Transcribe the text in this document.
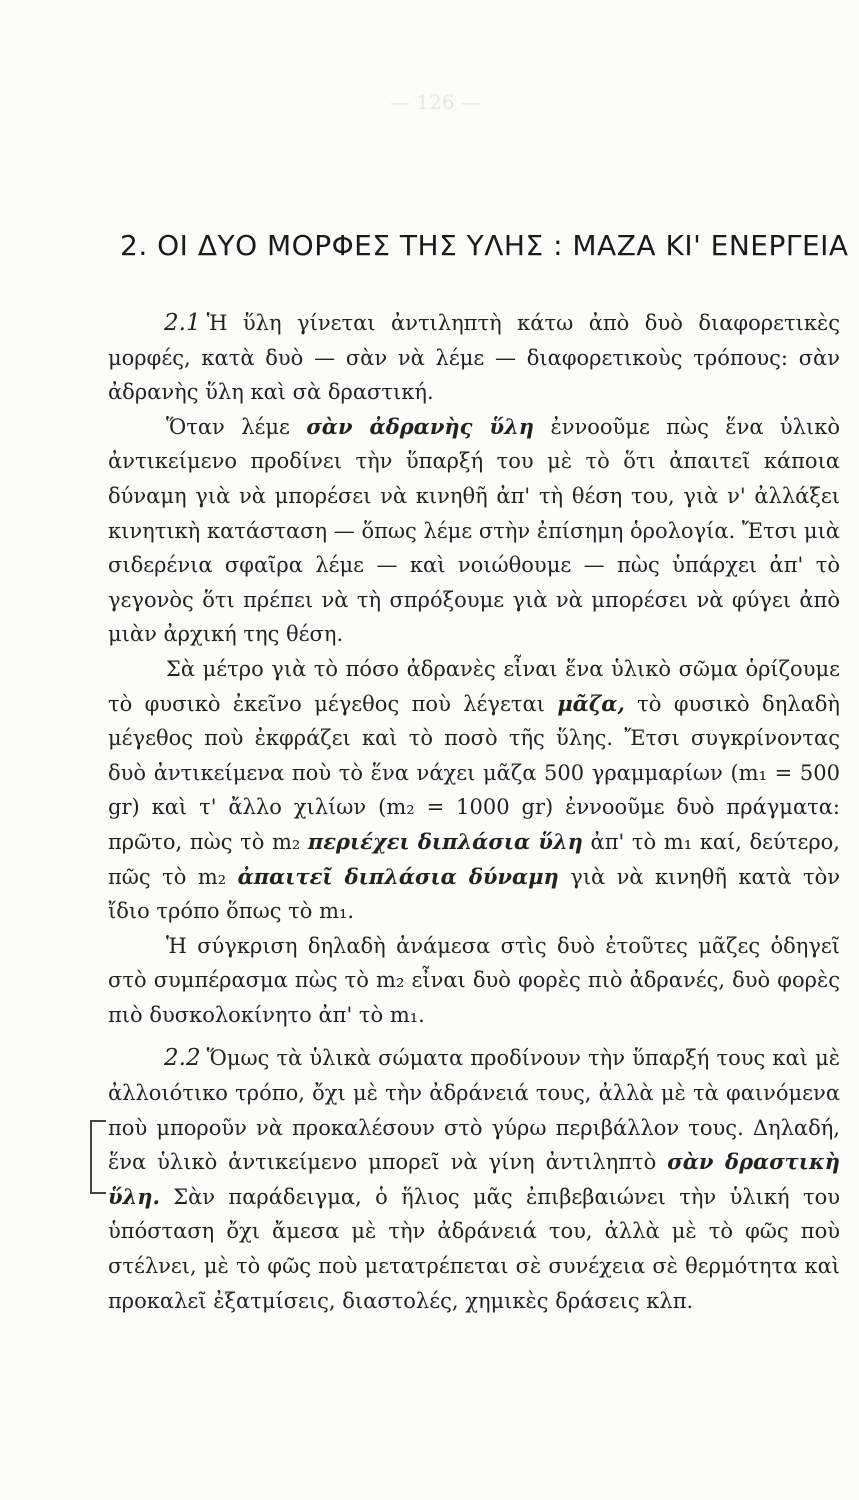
— 126 —
2. ΟΙ ΔΥΟ ΜΟΡΦΕΣ ΤΗΣ ΥΛΗΣ : ΜΑΖΑ ΚΙ' ΕΝΕΡΓΕΙΑ

2.1 Ἡ ὕλη γίνεται ἀντιληπτὴ κάτω ἀπὸ δυὸ διαφορετικὲς μορφές, κατὰ δυὸ — σὰν νὰ λέμε — διαφορετικοὺς τρόπους: σὰν ἀδρανὴς ὕλη καὶ σὰ δραστική.

Ὅταν λέμε σὰν ἀδρανὴς ὕλη ἐννοοῦμε πὼς ἕνα ὑλικὸ ἀντικείμενο προδίνει τὴν ὕπαρξή του μὲ τὸ ὅτι ἀπαιτεῖ κάποια δύναμη γιὰ νὰ μπορέσει νὰ κινηθῆ ἀπ' τὴ θέση του, γιὰ ν' ἀλλάξει κινητικὴ κατάσταση — ὅπως λέμε στὴν ἐπίσημη ὁρολογία. Ἔτσι μιὰ σιδερένια σφαῖρα λέμε — καὶ νοιώθουμε — πὼς ὑπάρχει ἀπ' τὸ γεγονὸς ὅτι πρέπει νὰ τὴ σπρόξουμε γιὰ νὰ μπορέσει νὰ φύγει ἀπὸ μιὰν ἀρχική της θέση.

Σὰ μέτρο γιὰ τὸ πόσο ἀδρανὲς εἶναι ἕνα ὑλικὸ σῶμα ὁρίζουμε τὸ φυσικὸ ἐκεῖνο μέγεθος ποὺ λέγεται μᾶζα, τὸ φυσικὸ δηλαδὴ μέγεθος ποὺ ἐκφράζει καὶ τὸ ποσὸ τῆς ὕλης. Ἔτσι συγκρίνοντας δυὸ ἀντικείμενα ποὺ τὸ ἕνα νάχει μᾶζα 500 γραμμαρίων (m₁ = 500 gr) καὶ τ' ἄλλο χιλίων (m₂ = 1000 gr) ἐννοοῦμε δυὸ πράγματα: πρῶτο, πὼς τὸ m₂ περιέχει διπλάσια ὕλη ἀπ' τὸ m₁ καί, δεύτερο, πῶς τὸ m₂ ἀπαιτεῖ διπλάσια δύναμη γιὰ νὰ κινηθῆ κατὰ τὸν ἴδιο τρόπο ὅπως τὸ m₁.

Ἡ σύγκριση δηλαδὴ ἀνάμεσα στὶς δυὸ ἐτοῦτες μᾶζες ὁδηγεῖ στὸ συμπέρασμα πὼς τὸ m₂ εἶναι δυὸ φορὲς πιὸ ἀδρανές, δυὸ φορὲς πιὸ δυσκολοκίνητο ἀπ' τὸ m₁.

2.2 Ὅμως τὰ ὑλικὰ σώματα προδίνουν τὴν ὕπαρξή τους καὶ μὲ ἀλλοιότικο τρόπο, ὄχι μὲ τὴν ἀδράνειά τους, ἀλλὰ μὲ τὰ φαινόμενα ποὺ μποροῦν νὰ προκαλέσουν στὸ γύρω περιβάλλον τους. Δηλαδή, ἕνα ὑλικὸ ἀντικείμενο μπορεῖ νὰ γίνη ἀντιληπτὸ σὰν δραστικὴ ὕλη. Σὰν παράδειγμα, ὁ ἥλιος μᾶς ἐπιβεβαιώνει τὴν ὑλική του ὑπόσταση ὄχι ἄμεσα μὲ τὴν ἀδράνειά του, ἀλλὰ μὲ τὸ φῶς ποὺ στέλνει, μὲ τὸ φῶς ποὺ μετατρέπεται σὲ συνέχεια σὲ θερμότητα καὶ προκαλεῖ ἐξατμίσεις, διαστολές, χημικὲς δράσεις κλπ.
